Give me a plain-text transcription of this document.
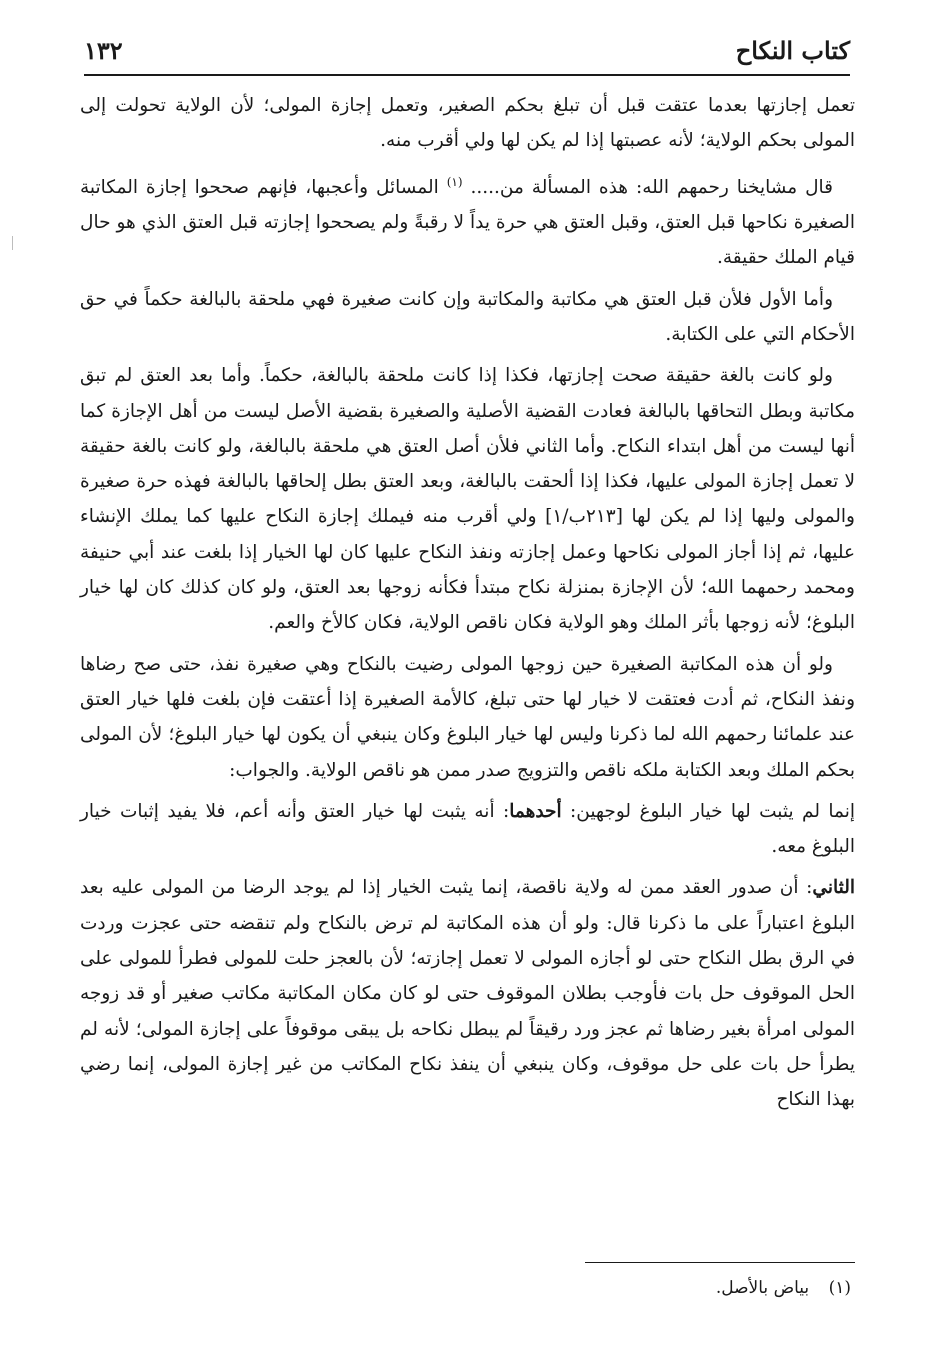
١٣٢	كتاب النكاح

تعمل إجازتها بعدما عتقت قبل أن تبلغ بحكم الصغير، وتعمل إجازة المولى؛ لأن الولاية تحولت إلى المولى بحكم الولاية؛ لأنه عصبتها إذا لم يكن لها ولي أقرب منه.

قال مشايخنا رحمهم الله: هذه المسألة من..... $^{(١)}$ المسائل وأعجبها، فإنهم صححوا إجازة المكاتبة الصغيرة نكاحها قبل العتق، وقبل العتق هي حرة يداً لا رقبةً ولم يصححوا إجازته قبل العتق الذي هو حال قيام الملك حقيقة.

وأما الأول فلأن قبل العتق هي مكاتبة والمكاتبة وإن كانت صغيرة فهي ملحقة بالبالغة حكماً في حق الأحكام التي على الكتابة.

ولو كانت بالغة حقيقة صحت إجازتها، فكذا إذا كانت ملحقة بالبالغة، حكماً. وأما بعد العتق لم تبق مكاتبة وبطل التحاقها بالبالغة فعادت القضية الأصلية والصغيرة بقضية الأصل ليست من أهل الإجازة كما أنها ليست من أهل ابتداء النكاح. وأما الثاني فلأن أصل العتق هي ملحقة بالبالغة، ولو كانت بالغة حقيقة لا تعمل إجازة المولى عليها، فكذا إذا ألحقت بالبالغة، وبعد العتق بطل إلحاقها بالبالغة فهذه حرة صغيرة والمولى وليها إذا لم يكن لها [٢١٣ب/١] ولي أقرب منه فيملك إجازة النكاح عليها كما يملك الإنشاء عليها، ثم إذا أجاز المولى نكاحها وعمل إجازته ونفذ النكاح عليها كان لها الخيار إذا بلغت عند أبي حنيفة ومحمد رحمهما الله؛ لأن الإجازة بمنزلة نكاح مبتدأ فكأنه زوجها بعد العتق، ولو كان كذلك كان لها خيار البلوغ؛ لأنه زوجها بأثر الملك وهو الولاية فكان ناقص الولاية، فكان كالأخ والعم.

ولو أن هذه المكاتبة الصغيرة حين زوجها المولى رضيت بالنكاح وهي صغيرة نفذ، حتى صح رضاها ونفذ النكاح، ثم أدت فعتقت لا خيار لها حتى تبلغ، كالأمة الصغيرة إذا أعتقت فإن بلغت فلها خيار العتق عند علمائنا رحمهم الله لما ذكرنا وليس لها خيار البلوغ وكان ينبغي أن يكون لها خيار البلوغ؛ لأن المولى بحكم الملك وبعد الكتابة ملكه ناقص والتزويج صدر ممن هو ناقص الولاية. والجواب:

إنما لم يثبت لها خيار البلوغ لوجهين: أحدهما: أنه يثبت لها خيار العتق وأنه أعم، فلا يفيد إثبات خيار البلوغ معه.

الثاني: أن صدور العقد ممن له ولاية ناقصة، إنما يثبت الخيار إذا لم يوجد الرضا من المولى عليه بعد البلوغ اعتباراً على ما ذكرنا قال: ولو أن هذه المكاتبة لم ترض بالنكاح ولم تنقضه حتى عجزت وردت في الرق بطل النكاح حتى لو أجازه المولى لا تعمل إجازته؛ لأن بالعجز حلت للمولى فطرأ للمولى على الحل الموقوف حل بات فأوجب بطلان الموقوف حتى لو كان مكان المكاتبة مكاتب صغير أو قد زوجه المولى امرأة بغير رضاها ثم عجز ورد رقيقاً لم يبطل نكاحه بل يبقى موقوفاً على إجازة المولى؛ لأنه لم يطرأ حل بات على حل موقوف، وكان ينبغي أن ينفذ نكاح المكاتب من غير إجازة المولى، إنما رضي بهذا النكاح

(١) بياض بالأصل.
